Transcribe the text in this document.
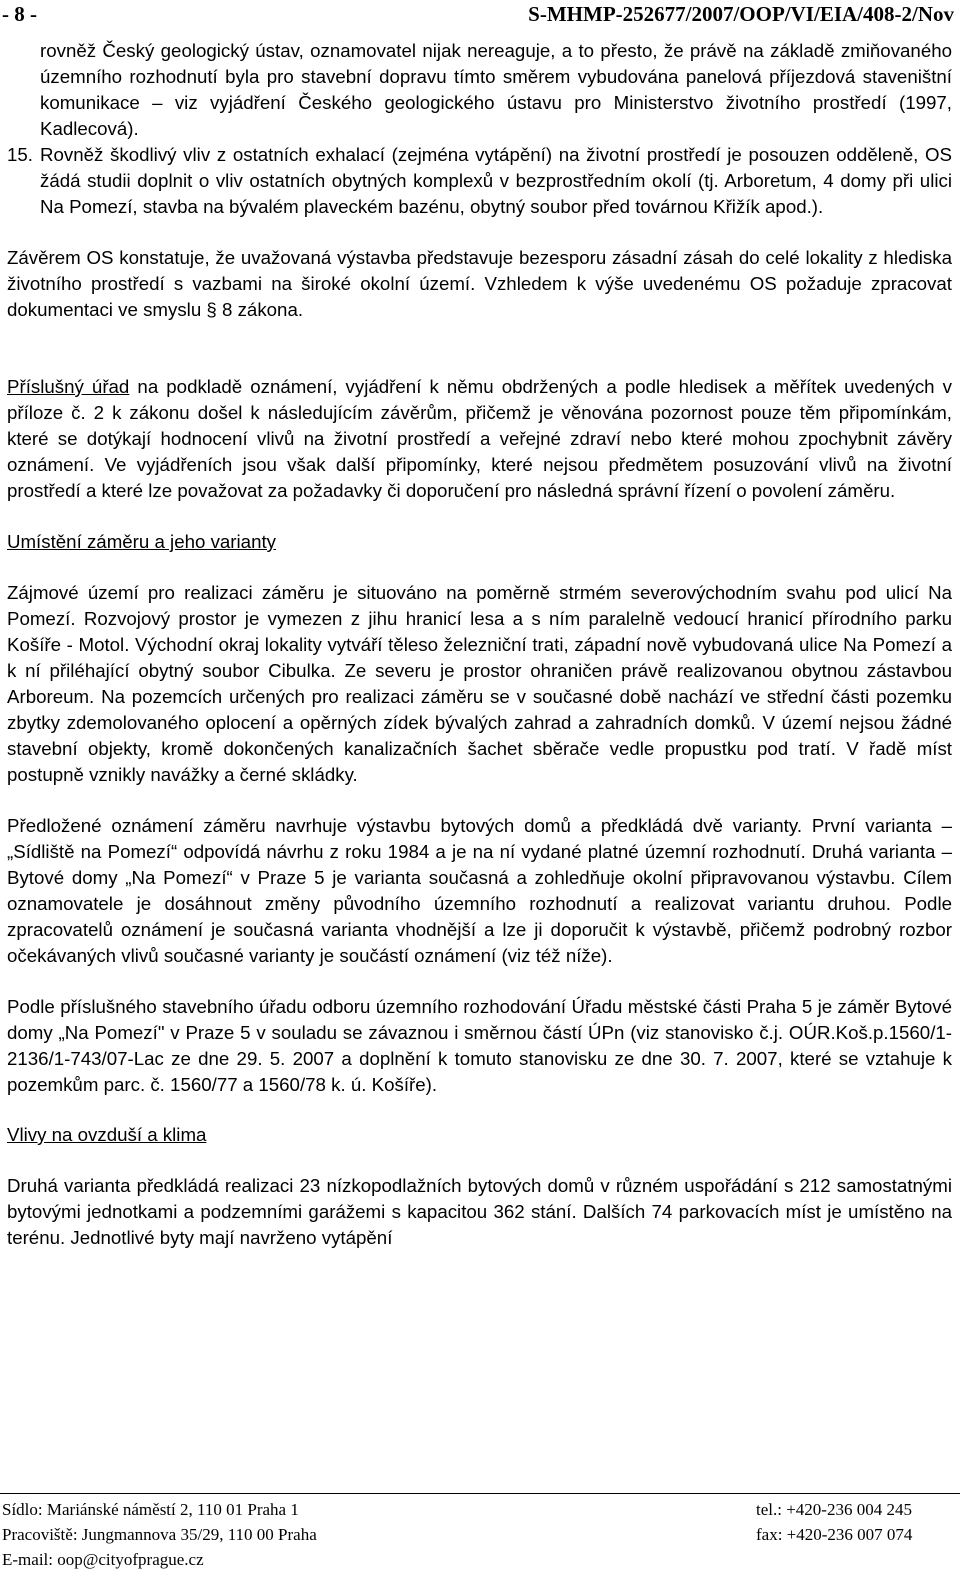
- 8 -	S-MHMP-252677/2007/OOP/VI/EIA/408-2/Nov

rovněž Český geologický ústav, oznamovatel nijak nereaguje, a to přesto, že právě na základě zmiňovaného územního rozhodnutí byla pro stavební dopravu tímto směrem vybudována panelová příjezdová staveništní komunikace – viz vyjádření Českého geologického ústavu pro Ministerstvo životního prostředí (1997, Kadlecová).

15. Rovněž škodlivý vliv z ostatních exhalací (zejména vytápění) na životní prostředí je posouzen odděleně, OS žádá studii doplnit o vliv ostatních obytných komplexů v bezprostředním okolí (tj. Arboretum, 4 domy při ulici Na Pomezí, stavba na bývalém plaveckém bazénu, obytný soubor před továrnou Křižík apod.).

Závěrem OS konstatuje, že uvažovaná výstavba představuje bezesporu zásadní zásah do celé lokality z hlediska životního prostředí s vazbami na široké okolní území. Vzhledem k výše uvedenému OS požaduje zpracovat dokumentaci ve smyslu § 8 zákona.

Příslušný úřad na podkladě oznámení, vyjádření k němu obdržených a podle hledisek a měřítek uvedených v příloze č. 2 k zákonu došel k následujícím závěrům, přičemž je věnována pozornost pouze těm připomínkám, které se dotýkají hodnocení vlivů na životní prostředí a veřejné zdraví nebo které mohou zpochybnit závěry oznámení. Ve vyjádřeních jsou však další připomínky, které nejsou předmětem posuzování vlivů na životní prostředí a které lze považovat za požadavky či doporučení pro následná správní řízení o povolení záměru.

Umístění záměru a jeho varianty

Zájmové území pro realizaci záměru je situováno na poměrně strmém severovýchodním svahu pod ulicí Na Pomezí. Rozvojový prostor je vymezen z jihu hranicí lesa a s ním paralelně vedoucí hranicí přírodního parku Košíře - Motol. Východní okraj lokality vytváří těleso železniční trati, západní nově vybudovaná ulice Na Pomezí a k ní přiléhající obytný soubor Cibulka. Ze severu je prostor ohraničen právě realizovanou obytnou zástavbou Arboreum. Na pozemcích určených pro realizaci záměru se v současné době nachází ve střední části pozemku zbytky zdemolovaného oplocení a opěrných zídek bývalých zahrad a zahradních domků. V území nejsou žádné stavební objekty, kromě dokončených kanalizačních šachet sběrače vedle propustku pod tratí. V řadě míst postupně vznikly navážky a černé skládky.

Předložené oznámení záměru navrhuje výstavbu bytových domů a předkládá dvě varianty. První varianta – „Sídliště na Pomezí“ odpovídá návrhu z roku 1984 a je na ní vydané platné územní rozhodnutí. Druhá varianta – Bytové domy „Na Pomezí“ v Praze 5 je varianta současná a zohledňuje okolní připravovanou výstavbu. Cílem oznamovatele je dosáhnout změny původního územního rozhodnutí a realizovat variantu druhou. Podle zpracovatelů oznámení je současná varianta vhodnější a lze ji doporučit k výstavbě, přičemž podrobný rozbor očekávaných vlivů současné varianty je součástí oznámení (viz též níže).

Podle příslušného stavebního úřadu odboru územního rozhodování Úřadu městské části Praha 5 je záměr Bytové domy „Na Pomezí" v Praze 5 v souladu se závaznou i směrnou částí ÚPn (viz stanovisko č.j. OÚR.Koš.p.1560/1-2136/1-743/07-Lac ze dne 29. 5. 2007 a doplnění k tomuto stanovisku ze dne 30. 7. 2007, které se vztahuje k pozemkům parc. č. 1560/77 a 1560/78 k. ú. Košíře).

Vlivy na ovzduší a klima

Druhá varianta předkládá realizaci 23 nízkopodlažních bytových domů v různém uspořádání s 212 samostatnými bytovými jednotkami a podzemními garážemi s kapacitou 362 stání. Dalších 74 parkovacích míst je umístěno na terénu. Jednotlivé byty mají navrženo vytápění

Sídlo: Mariánské náměstí 2, 110 01 Praha 1
Pracoviště: Jungmannova 35/29, 110 00 Praha
E-mail: oop@cityofprague.cz
tel.: +420-236 004 245
fax: +420-236 007 074
